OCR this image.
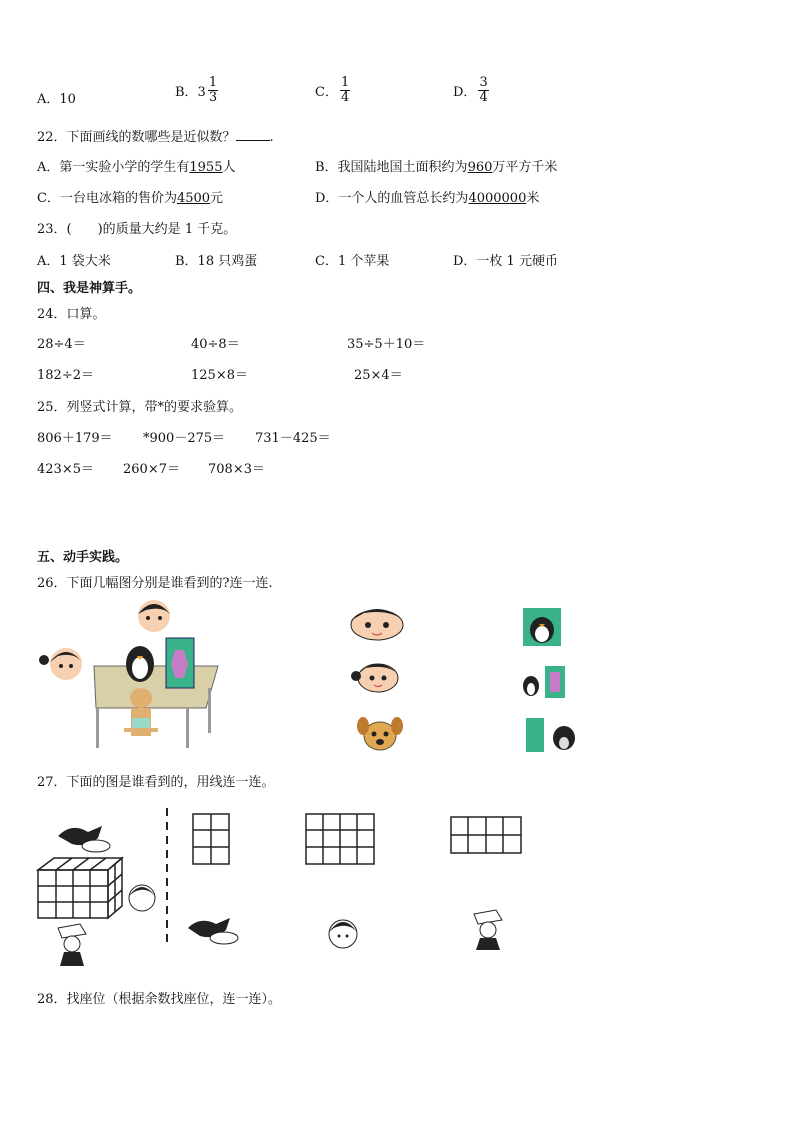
A．10	B．$3 \frac{1}{3}$	C． $\frac{1}{4}$	D． $\frac{3}{4}$
22．下面画线的数哪些是近似数？	.
A．第一实验小学的学生有1955人	B．我国陆地国土面积约为960万平方千米
C．一台电冰箱的售价为4500元	D．一个人的血管总长约为4000000米
23．(　　)的质量大约是 1 千克。
A．1 袋大米	B．18 只鸡蛋	C．1 个苹果	D．一枚 1 元硬币
四、我是神算手。
24．口算。
28÷4＝	40÷8＝	35÷5＋10＝
182÷2＝	125×8＝	25×4＝
25．列竖式计算，带*的要求验算。
806＋179＝ *900－275＝ 731－425＝
423×5＝ 260×7＝ 708×3＝
五、动手实践。
26．下面几幅图分别是谁看到的?连一连.
27．下面的图是谁看到的，用线连一连。
28．找座位（根据余数找座位，连一连）。
